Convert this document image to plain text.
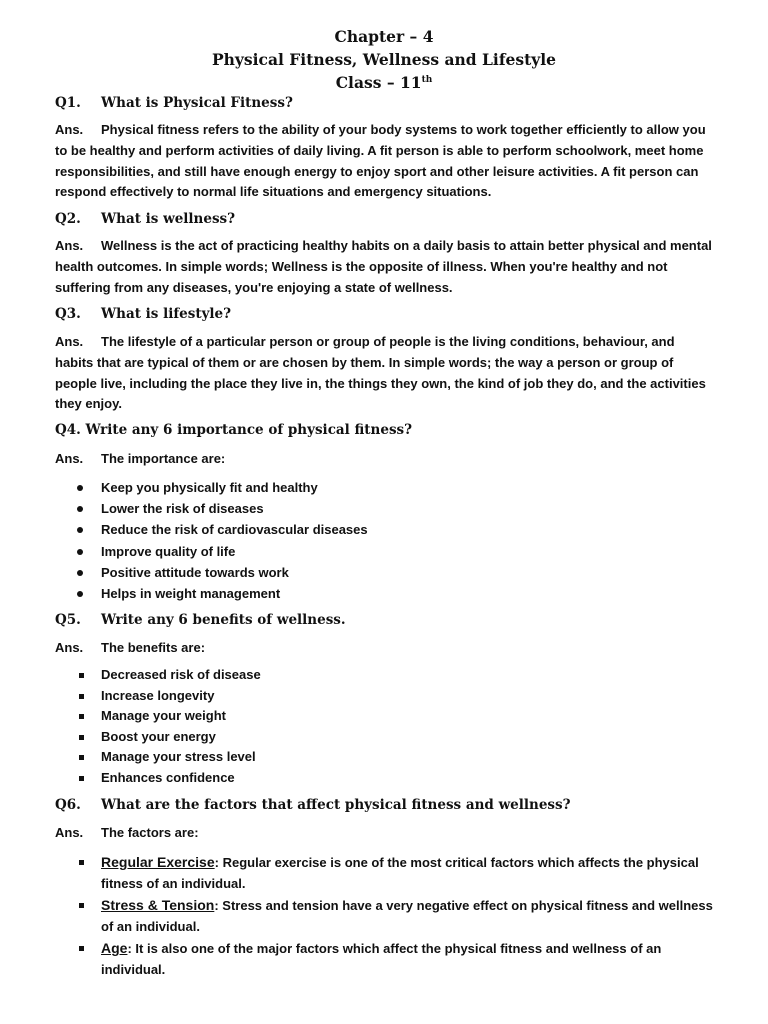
Chapter – 4
Physical Fitness, Wellness and Lifestyle
Class – 11th
Q1. What is Physical Fitness?

Ans. Physical fitness refers to the ability of your body systems to work together efficiently to allow you to be healthy and perform activities of daily living. A fit person is able to perform schoolwork, meet home responsibilities, and still have enough energy to enjoy sport and other leisure activities. A fit person can respond effectively to normal life situations and emergency situations.

Q2. What is wellness?

Ans. Wellness is the act of practicing healthy habits on a daily basis to attain better physical and mental health outcomes. In simple words; Wellness is the opposite of illness. When you're healthy and not suffering from any diseases, you're enjoying a state of wellness.

Q3. What is lifestyle?

Ans. The lifestyle of a particular person or group of people is the living conditions, behaviour, and habits that are typical of them or are chosen by them. In simple words; the way a person or group of people live, including the place they live in, the things they own, the kind of job they do, and the activities they enjoy.

Q4. Write any 6 importance of physical fitness?

Ans. The importance are:

Keep you physically fit and healthy
Lower the risk of diseases
Reduce the risk of cardiovascular diseases
Improve quality of life
Positive attitude towards work
Helps in weight management
Q5. Write any 6 benefits of wellness.

Ans. The benefits are:

Decreased risk of disease
Increase longevity
Manage your weight
Boost your energy
Manage your stress level
Enhances confidence
Q6. What are the factors that affect physical fitness and wellness?

Ans. The factors are:

Regular Exercise: Regular exercise is one of the most critical factors which affects the physical fitness of an individual.
Stress & Tension: Stress and tension have a very negative effect on physical fitness and wellness of an individual.
Age: It is also one of the major factors which affect the physical fitness and wellness of an individual.
